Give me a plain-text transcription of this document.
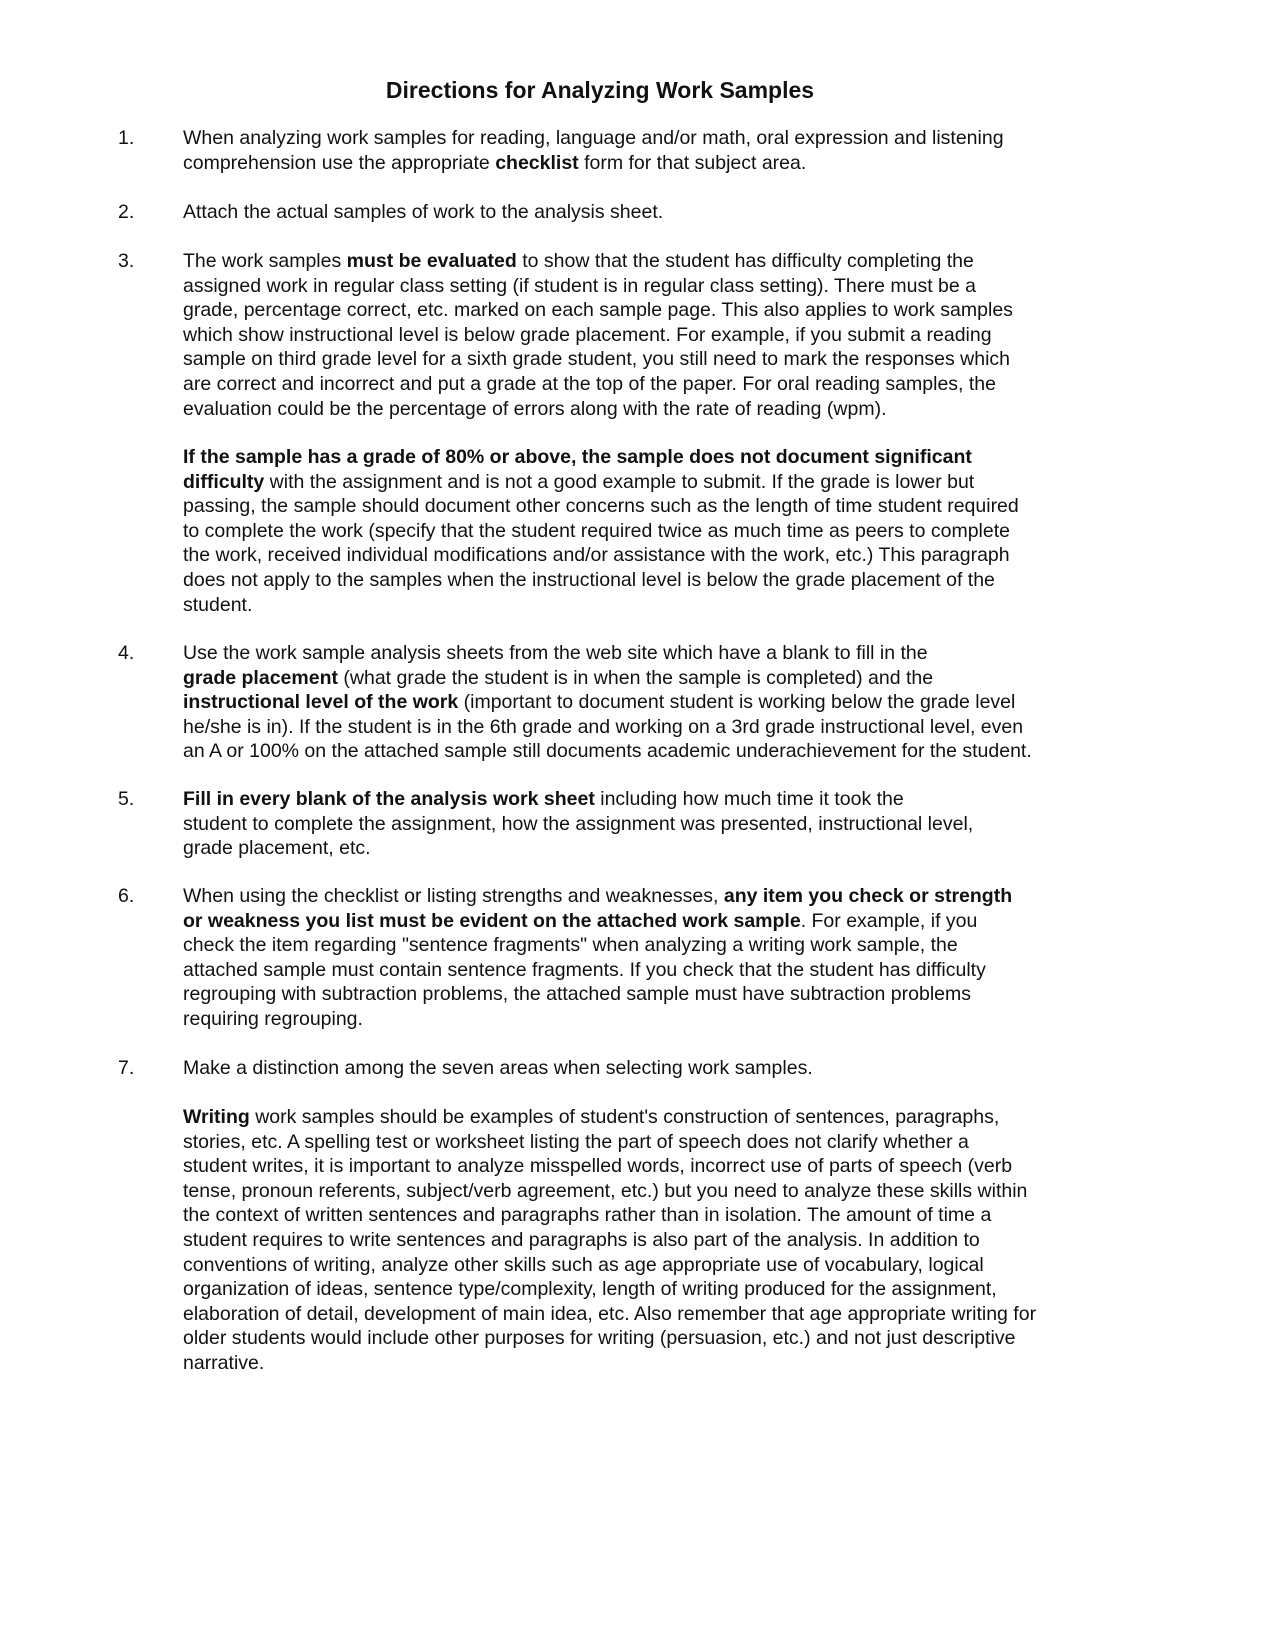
Directions for Analyzing Work Samples
1. When analyzing work samples for reading, language and/or math, oral expression and listening
comprehension use the appropriate checklist form for that subject area.
2. Attach the actual samples of work to the analysis sheet.
3. The work samples must be evaluated to show that the student has difficulty completing the
assigned work in regular class setting (if student is in regular class setting). There must be a
grade, percentage correct, etc. marked on each sample page. This also applies to work samples
which show instructional level is below grade placement. For example, if you submit a reading
sample on third grade level for a sixth grade student, you still need to mark the responses which
are correct and incorrect and put a grade at the top of the paper. For oral reading samples, the
evaluation could be the percentage of errors along with the rate of reading (wpm).
If the sample has a grade of 80% or above, the sample does not document significant
difficulty with the assignment and is not a good example to submit. If the grade is lower but
passing, the sample should document other concerns such as the length of time student required
to complete the work (specify that the student required twice as much time as peers to complete
the work, received individual modifications and/or assistance with the work, etc.) This paragraph
does not apply to the samples when the instructional level is below the grade placement of the
student.
4. Use the work sample analysis sheets from the web site which have a blank to fill in the
grade placement (what grade the student is in when the sample is completed) and the
instructional level of the work (important to document student is working below the grade level
he/she is in). If the student is in the 6th grade and working on a 3rd grade instructional level, even
an A or 100% on the attached sample still documents academic underachievement for the student.
5. Fill in every blank of the analysis work sheet including how much time it took the
student to complete the assignment, how the assignment was presented, instructional level,
grade placement, etc.
6. When using the checklist or listing strengths and weaknesses, any item you check or strength
or weakness you list must be evident on the attached work sample. For example, if you
check the item regarding "sentence fragments" when analyzing a writing work sample, the
attached sample must contain sentence fragments. If you check that the student has difficulty
regrouping with subtraction problems, the attached sample must have subtraction problems
requiring regrouping.
7. Make a distinction among the seven areas when selecting work samples.
Writing work samples should be examples of student's construction of sentences, paragraphs,
stories, etc. A spelling test or worksheet listing the part of speech does not clarify whether a
student writes, it is important to analyze misspelled words, incorrect use of parts of speech (verb
tense, pronoun referents, subject/verb agreement, etc.) but you need to analyze these skills within
the context of written sentences and paragraphs rather than in isolation. The amount of time a
student requires to write sentences and paragraphs is also part of the analysis. In addition to
conventions of writing, analyze other skills such as age appropriate use of vocabulary, logical
organization of ideas, sentence type/complexity, length of writing produced for the assignment,
elaboration of detail, development of main idea, etc. Also remember that age appropriate writing for
older students would include other purposes for writing (persuasion, etc.) and not just descriptive
narrative.
